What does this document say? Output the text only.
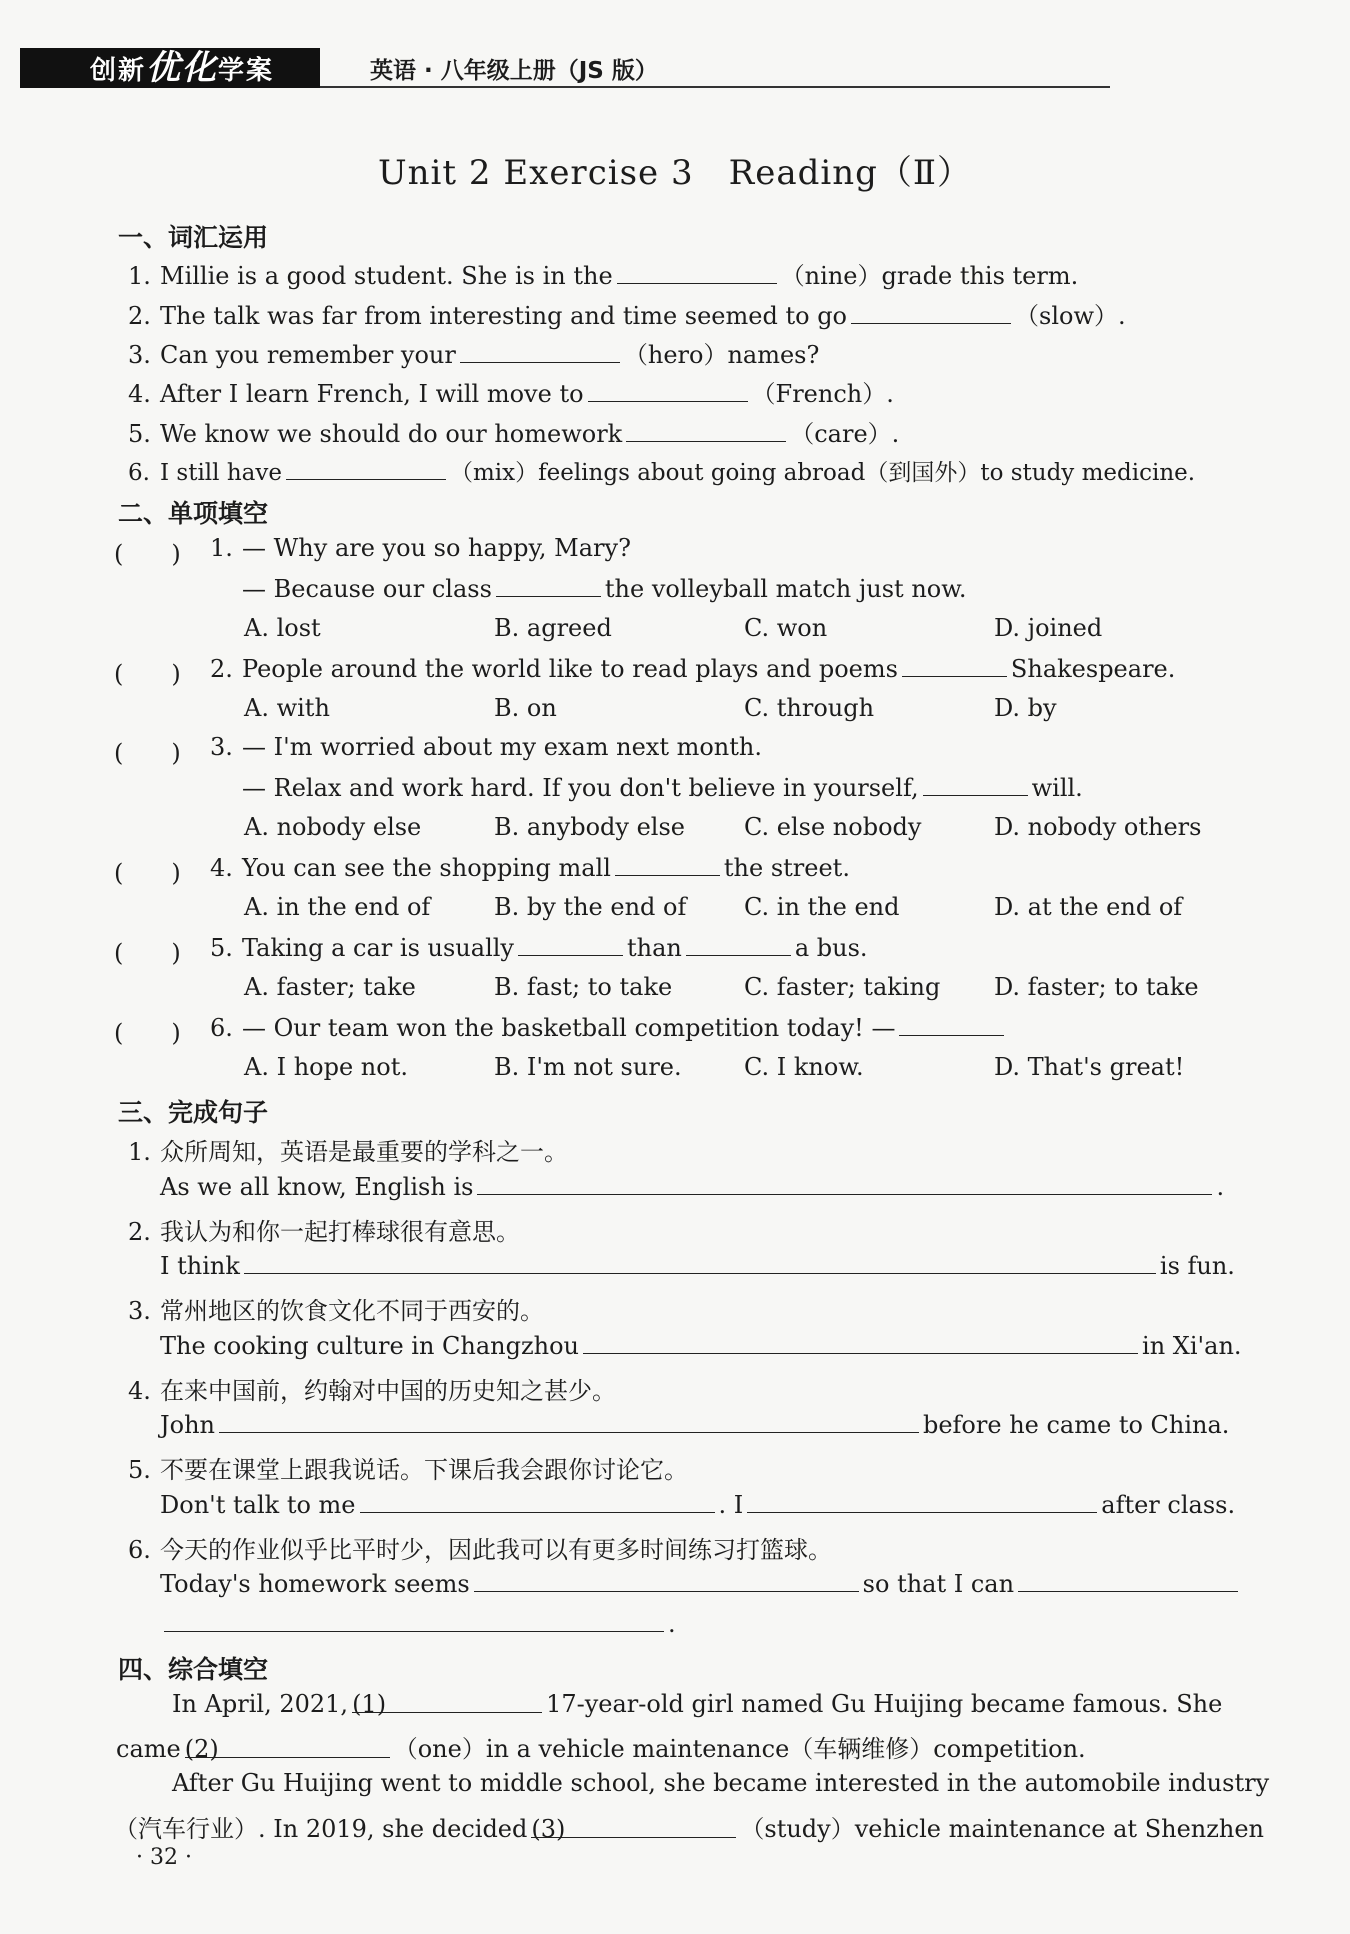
创新优化学案	英语 · 八年级上册（JS 版）
Unit 2 Exercise 3　Reading（Ⅱ）
一、词汇运用
1. Millie is a good student. She is in the	（nine）grade this term.
2. The talk was far from interesting and time seemed to go	（slow）.
3. Can you remember your	（hero）names?
4. After I learn French, I will move to	（French）.
5. We know we should do our homework	（care）.
6. I still have	（mix）feelings about going abroad（到国外）to study medicine.
二、单项填空
(　　) 1. — Why are you so happy, Mary?
— Because our class	the volleyball match just now.
A. lost	B. agreed	C. won	D. joined
(　　) 2. People around the world like to read plays and poems	Shakespeare.
A. with	B. on	C. through	D. by
(　　) 3. — I'm worried about my exam next month.
— Relax and work hard. If you don't believe in yourself,	will.
A. nobody else	B. anybody else C. else nobody	D. nobody others
(　　) 4. You can see the shopping mall	the street.
A. in the end of	B. by the end of C. in the end	D. at the end of
(　　) 5. Taking a car is usually	than	a bus.
A. faster; take	B. fast; to take	C. faster; taking D. faster; to take
(　　) 6. — Our team won the basketball competition today! —
A. I hope not.	B. I'm not sure.	C. I know.	D. That's great!
三、完成句子
1. 众所周知，英语是最重要的学科之一。
As we all know, English is	.
2. 我认为和你一起打棒球很有意思。
I think	is fun.
3. 常州地区的饮食文化不同于西安的。
The cooking culture in Changzhou	in Xi'an.
4. 在来中国前，约翰对中国的历史知之甚少。
John	before he came to China.
5. 不要在课堂上跟我说话。下课后我会跟你讨论它。
Don't talk to me	. I	after class.
6. 今天的作业似乎比平时少，因此我可以有更多时间练习打篮球。
Today's homework seems	so that I can
.
四、综合填空
In April, 2021, (1)	17-year-old girl named Gu Huijing became famous. She
came (2)	（one）in a vehicle maintenance（车辆维修）competition.
After Gu Huijing went to middle school, she became interested in the automobile industry
（汽车行业）. In 2019, she decided (3)	（study）vehicle maintenance at Shenzhen
· 32 ·
